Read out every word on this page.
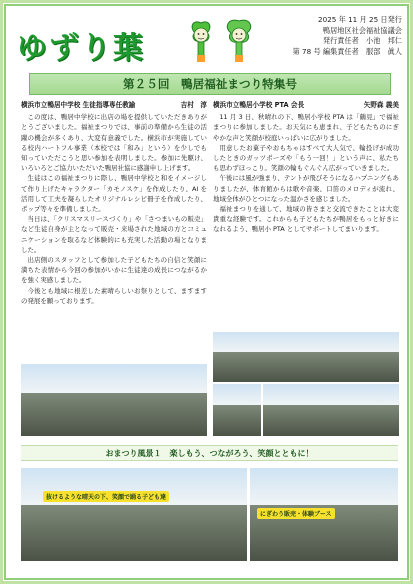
ゆずり葉
2025 年 11 月 25 日発行
鴨居地区社会福祉協議会
発行責任者　小池　邦仁
第 78 号 編集責任者　服部　眞人
第２５回　鴨居福祉まつり特集号
横浜市立鴨居中学校 生徒指導専任教諭	吉村　淳

この度は、鴨居中学校に出店の場を提供していただきありがとうございました。福祉まつりでは、事前の準備から生徒の活躍の機会が多くあり、大変有意義でした。横浜市が実施している校内ハートフル事業（本校では「和み」という）を少しでも知っていただこうと思い参加を表明しました。参加に先駆け、いろいろとご協力いただいた鴨居社協に感謝申し上げます。

生徒はこの福祉まつりに際し、鴨居中学校と和をイメージして作り上げたキャラクター「カモノスケ」を作成したり、AI を活用して工夫を凝らしたオリジナルレシピ冊子を作成したり、ポップ等々を準備しました。

当日は、「クリスマスリースづくり」や「さつまいもの販売」など生徒自身が主となって販売・来場された地域の方とコミュニケーションを取るなど体験的にも充実した活動の場となりました。

出店側のスタッフとして参加した子どもたちの自信と笑顔に満ちた表情から今回の参加がいかに生徒達の成長につながるかを強く実感しました。

今後とも地域に根差した素晴らしいお祭りとして、ますますの発展を願っております。

横浜市立鴨居小学校 PTA 会長	矢野森 義美

11 月 3 日、秋晴れの下、鴨居小学校 PTA は「鶴見」で福祉まつりに参加しました。お天気にも恵まれ、子どもたちのにぎやかな声と笑顔が校庭いっぱいに広がりました。

用意したお菓子やおもちゃはすべて大人気で、輪投げが成功したときのガッツポーズや「もう一回！」という声に、私たちも思わずほっこり。笑顔の輪もぐんぐん広がっていきました。

午後には風が強まり、テントが飛びそうになるハプニングもありましたが、体育館からは歌や音楽、口笛のメロディが流れ、地域全体がひとつになった温かさを感じました。

福祉まつりを通して、地域の皆さまと交流できたことは大変貴重な経験です。これからも子どもたちが鴨居をもっと好きになれるよう、鴨居小 PTA としてサポートしてまいります。

おまつり風景１　楽しもう、つながろう、笑顔とともに！
抜けるような晴天の下、笑顔で踊る子ども達
にぎわう販売・体験ブース
